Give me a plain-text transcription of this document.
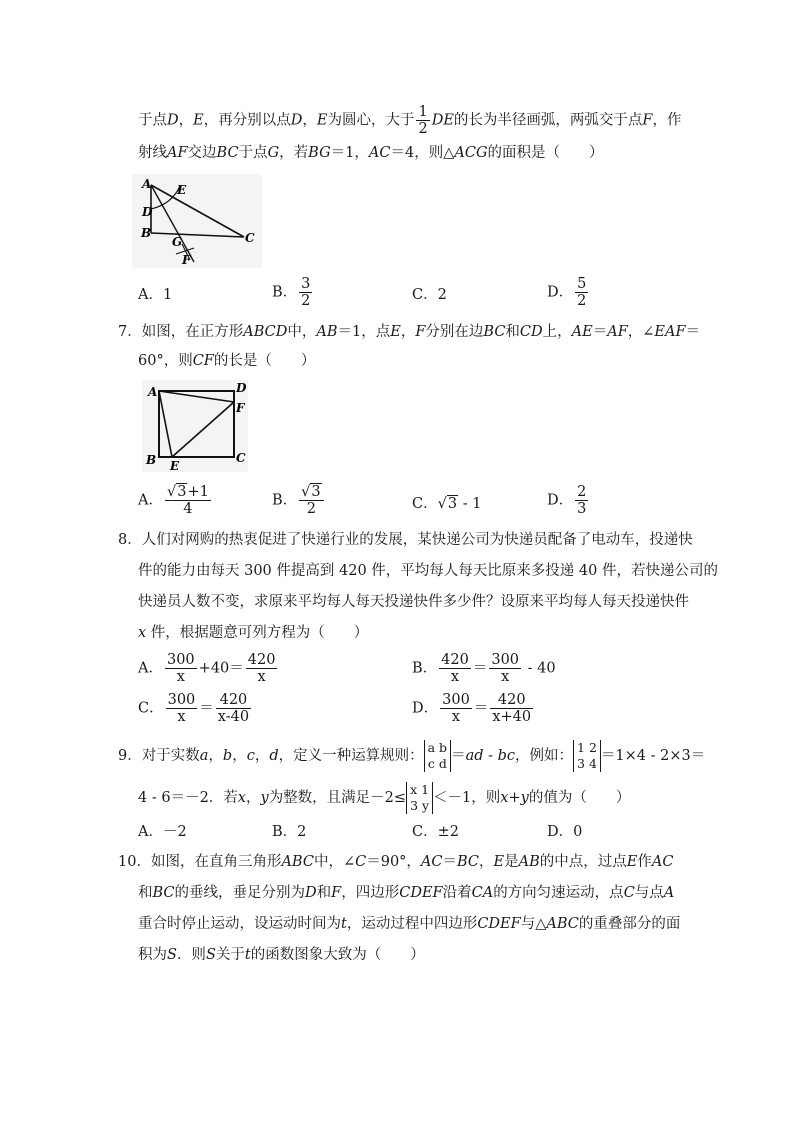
于点D，E，再分别以点D，E为圆心，大于 $\frac{1}{2}$ DE的长为半径画弧，两弧交于点F，作
射线AF交边BC于点G，若BG＝1，AC＝4，则△ACG的面积是（　　）
A E
D
B
G	C
F
A．1	B． $\frac{3}{2}$	C．2	D． $\frac{5}{2}$
7．如图，在正方形ABCD中，AB＝1，点E，F分别在边BC和CD上，AE＝AF，∠EAF＝
60°，则CF的长是（　　）
A	D
F
B E
C
A． $\frac{√3+1}{4}$	B． $\frac{√3}{2}$	C．√3 - 1	D． $\frac{2}{3}$
8．人们对网购的热衷促进了快递行业的发展，某快递公司为快递员配备了电动车，投递快
件的能力由每天 300 件提高到 420 件，平均每人每天比原来多投递 40 件，若快递公司的
快递员人数不变，求原来平均每人每天投递快件多少件？设原来平均每人每天投递快件
x 件，根据题意可列方程为（　　）
A． $\frac{300}{x} +40= \frac{420}{x}$	B． $\frac{420}{x} = \frac{300}{x} - 40$
C． $\frac{300}{x} = \frac{420}{x-40}$	D． $\frac{300}{x} = \frac{420}{x+40}$
9．对于实数a，b，c，d，定义一种运算规则：a b
c d ＝ad - bc，例如：1 2
3 4 ＝1×4 - 2×3＝
4 - 6＝－2．若x，y为整数，且满足－2≤x 1
3 y ＜－1，则x+y的值为（　　）
A．－2	B．2	C．±2	D．0
10．如图，在直角三角形ABC中，∠C＝90°，AC＝BC，E是AB的中点，过点E作AC
和BC的垂线，垂足分别为D和F，四边形CDEF沿着CA的方向匀速运动，点C与点A
重合时停止运动，设运动时间为t，运动过程中四边形CDEF与△ABC的重叠部分的面
积为S．则S关于t的函数图象大致为（　　）
